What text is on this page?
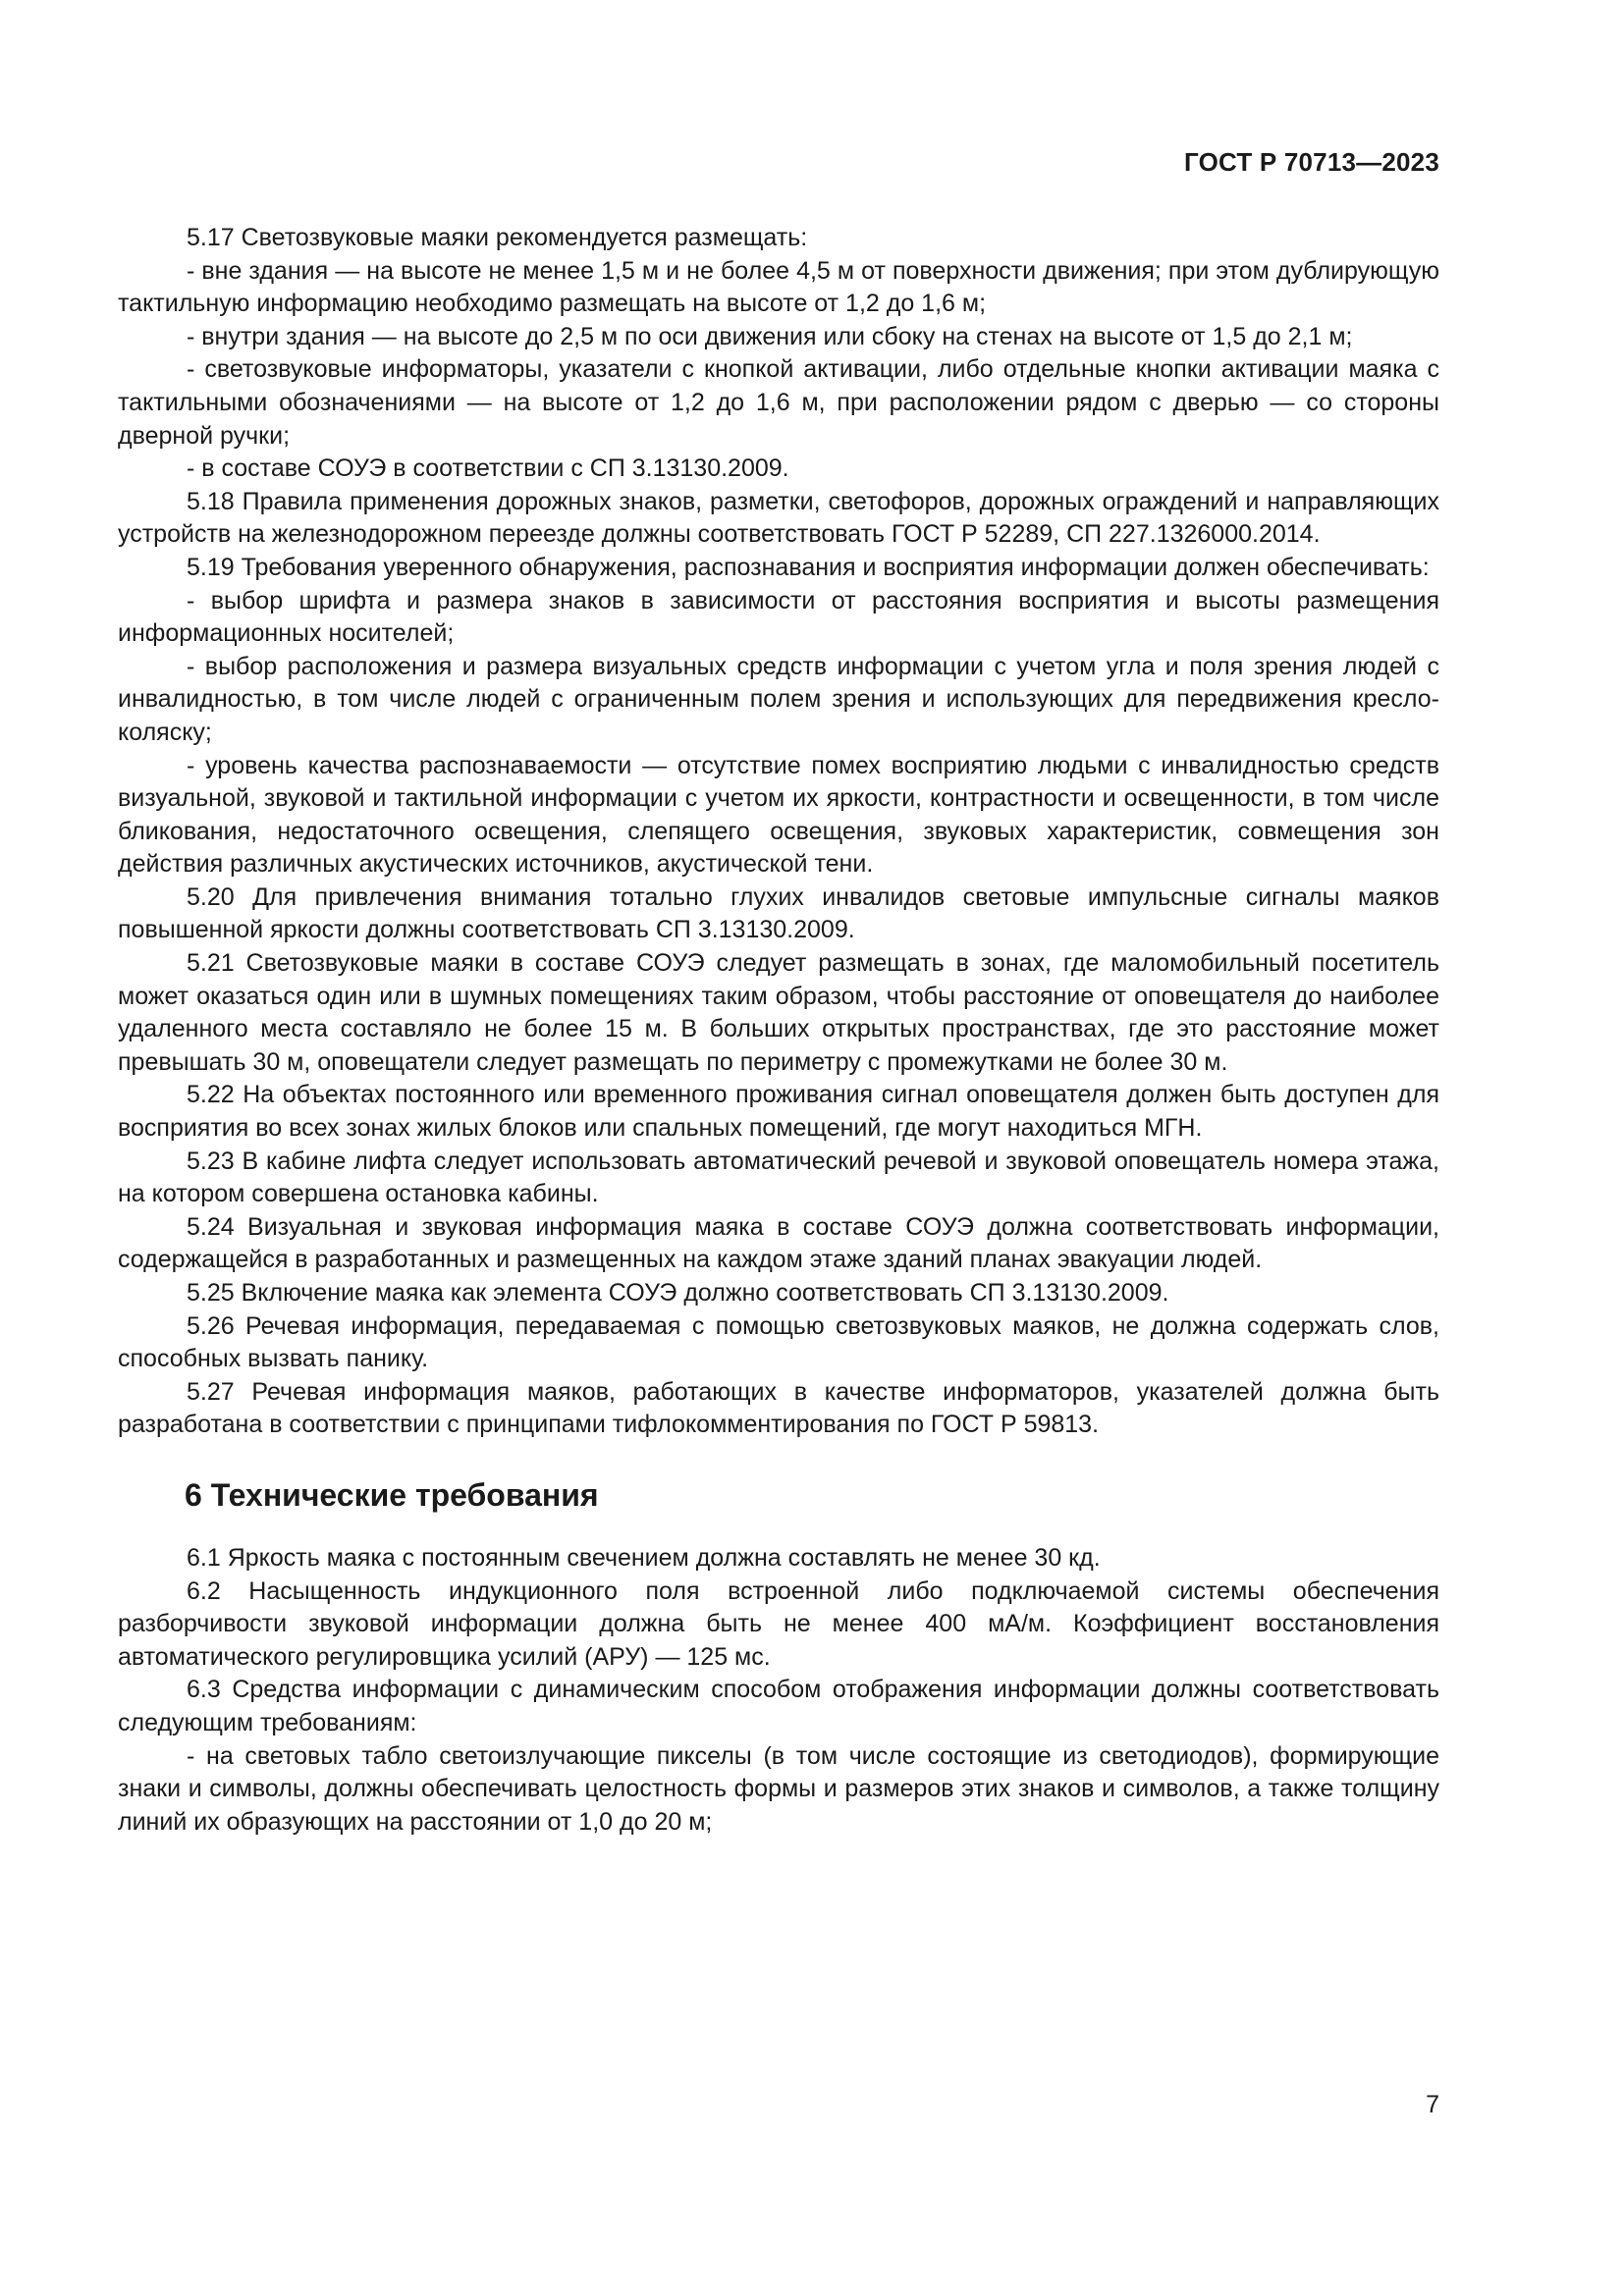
ГОСТ Р 70713—2023

5.17 Светозвуковые маяки рекомендуется размещать:

- вне здания — на высоте не менее 1,5 м и не более 4,5 м от поверхности движения; при этом дублирующую тактильную информацию необходимо размещать на высоте от 1,2 до 1,6 м;

- внутри здания — на высоте до 2,5 м по оси движения или сбоку на стенах на высоте от 1,5 до 2,1 м;

- светозвуковые информаторы, указатели с кнопкой активации, либо отдельные кнопки активации маяка с тактильными обозначениями — на высоте от 1,2 до 1,6 м, при расположении рядом с дверью — со стороны дверной ручки;

- в составе СОУЭ в соответствии с СП 3.13130.2009.

5.18 Правила применения дорожных знаков, разметки, светофоров, дорожных ограждений и направляющих устройств на железнодорожном переезде должны соответствовать ГОСТ Р 52289, СП 227.1326000.2014.

5.19 Требования уверенного обнаружения, распознавания и восприятия информации должен обеспечивать:

- выбор шрифта и размера знаков в зависимости от расстояния восприятия и высоты размещения информационных носителей;

- выбор расположения и размера визуальных средств информации с учетом угла и поля зрения людей с инвалидностью, в том числе людей с ограниченным полем зрения и использующих для передвижения кресло-коляску;

- уровень качества распознаваемости — отсутствие помех восприятию людьми с инвалидностью средств визуальной, звуковой и тактильной информации с учетом их яркости, контрастности и освещенности, в том числе бликования, недостаточного освещения, слепящего освещения, звуковых характеристик, совмещения зон действия различных акустических источников, акустической тени.

5.20 Для привлечения внимания тотально глухих инвалидов световые импульсные сигналы маяков повышенной яркости должны соответствовать СП 3.13130.2009.

5.21 Светозвуковые маяки в составе СОУЭ следует размещать в зонах, где маломобильный посетитель может оказаться один или в шумных помещениях таким образом, чтобы расстояние от оповещателя до наиболее удаленного места составляло не более 15 м. В больших открытых пространствах, где это расстояние может превышать 30 м, оповещатели следует размещать по периметру с промежутками не более 30 м.

5.22 На объектах постоянного или временного проживания сигнал оповещателя должен быть доступен для восприятия во всех зонах жилых блоков или спальных помещений, где могут находиться МГН.

5.23 В кабине лифта следует использовать автоматический речевой и звуковой оповещатель номера этажа, на котором совершена остановка кабины.

5.24 Визуальная и звуковая информация маяка в составе СОУЭ должна соответствовать информации, содержащейся в разработанных и размещенных на каждом этаже зданий планах эвакуации людей.

5.25 Включение маяка как элемента СОУЭ должно соответствовать СП 3.13130.2009.

5.26 Речевая информация, передаваемая с помощью светозвуковых маяков, не должна содержать слов, способных вызвать панику.

5.27 Речевая информация маяков, работающих в качестве информаторов, указателей должна быть разработана в соответствии с принципами тифлокомментирования по ГОСТ Р 59813.

6 Технические требования

6.1 Яркость маяка с постоянным свечением должна составлять не менее 30 кд.

6.2 Насыщенность индукционного поля встроенной либо подключаемой системы обеспечения разборчивости звуковой информации должна быть не менее 400 мА/м. Коэффициент восстановления автоматического регулировщика усилий (АРУ) — 125 мс.

6.3 Средства информации с динамическим способом отображения информации должны соответствовать следующим требованиям:

- на световых табло светоизлучающие пикселы (в том числе состоящие из светодиодов), формирующие знаки и символы, должны обеспечивать целостность формы и размеров этих знаков и символов, а также толщину линий их образующих на расстоянии от 1,0 до 20 м;

7
